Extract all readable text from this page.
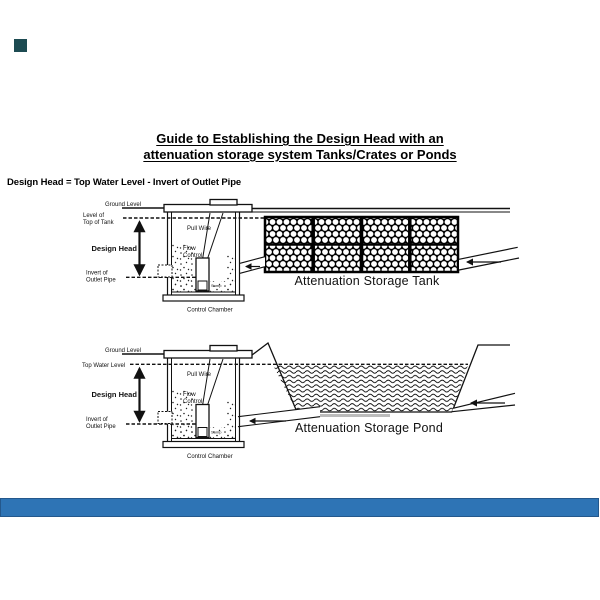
Guide to Establishing the Design Head with an
attenuation storage system Tanks/Crates or Ponds
Design Head = Top Water Level - Invert of Outlet Pipe
Ground Level
Level of
Top of Tank
Design Head
Invert of
Outlet Pipe
Pull Wire
Flow
Control
Sump
Control Chamber
Attenuation Storage Tank
Ground Level
Top Water Level
Design Head
Invert of
Outlet Pipe
Pull Wire
Flow
Control
Sump
Control Chamber
Attenuation Storage Pond
